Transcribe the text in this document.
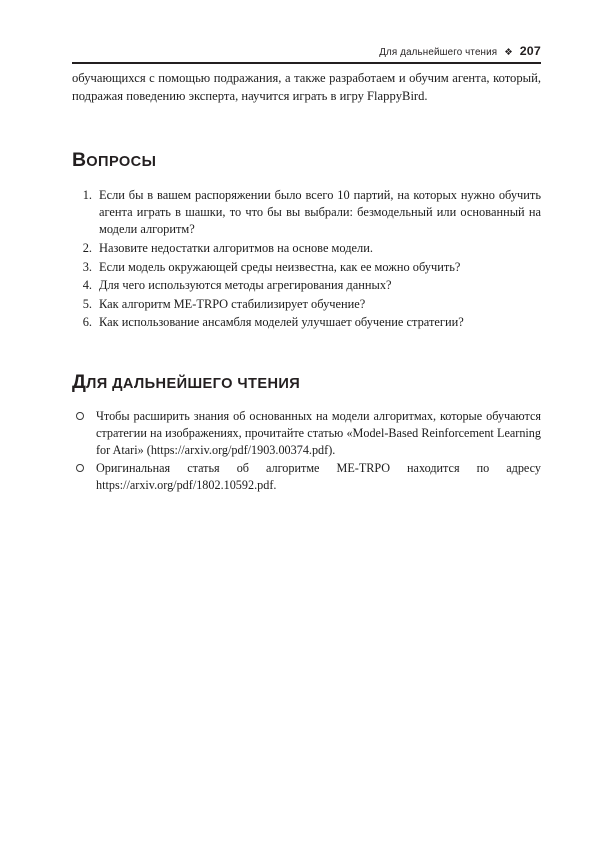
Для дальнейшего чтения ❖ 207

обучающихся с помощью подражания, а также разработаем и обучим агента, который, подражая поведению эксперта, научится играть в игру FlappyBird.

ВОПРОСЫ
Если бы в вашем распоряжении было всего 10 партий, на которых нужно обучить агента играть в шашки, то что бы вы выбрали: безмодельный или основанный на модели алгоритм?
Назовите недостатки алгоритмов на основе модели.
Если модель окружающей среды неизвестна, как ее можно обучить?
Для чего используются методы агрегирования данных?
Как алгоритм ME-TRPO стабилизирует обучение?
Как использование ансамбля моделей улучшает обучение стратегии?
ДЛЯ ДАЛЬНЕЙШЕГО ЧТЕНИЯ
Чтобы расширить знания об основанных на модели алгоритмах, которые обучаются стратегии на изображениях, прочитайте статью «Model-Based Reinforcement Learning for Atari» (https://arxiv.org/pdf/1903.00374.pdf).
Оригинальная статья об алгоритме ME-TRPO находится по адресу https://arxiv.org/pdf/1802.10592.pdf.
